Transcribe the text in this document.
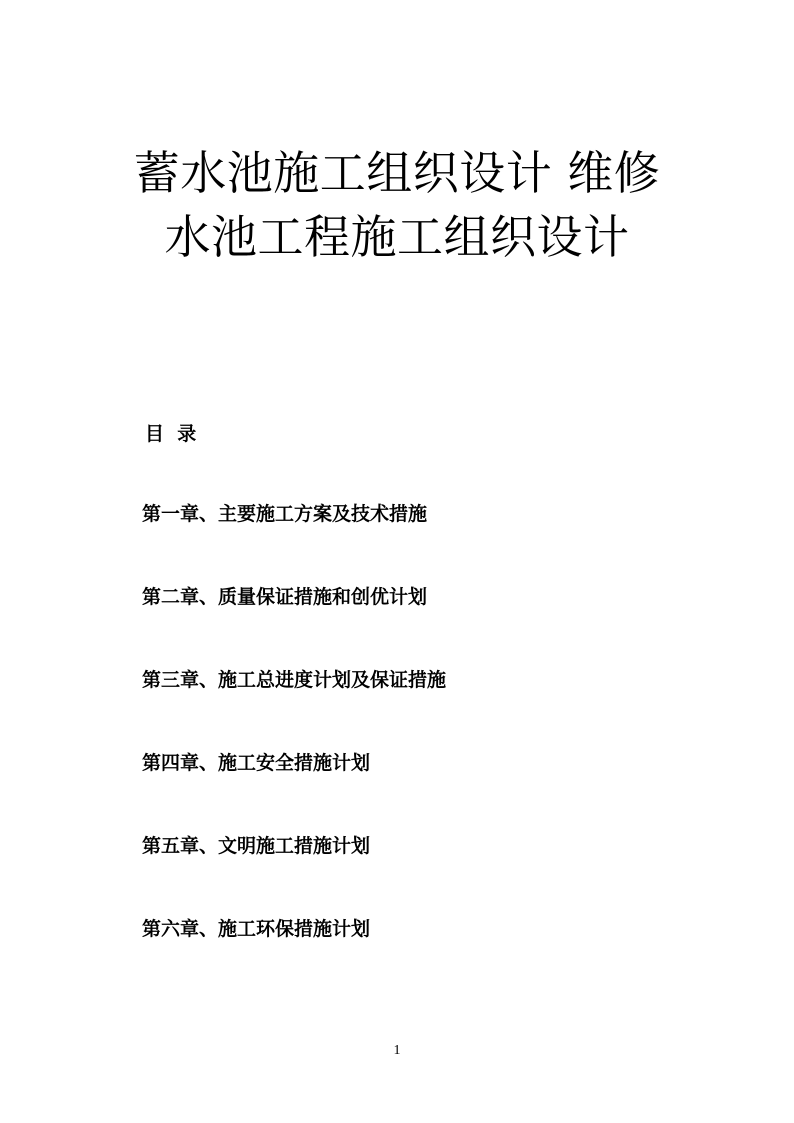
蓄水池施工组织设计 维修
水池工程施工组织设计
目  录
第一章、主要施工方案及技术措施
第二章、质量保证措施和创优计划
第三章、施工总进度计划及保证措施
第四章、施工安全措施计划
第五章、文明施工措施计划
第六章、施工环保措施计划
1
